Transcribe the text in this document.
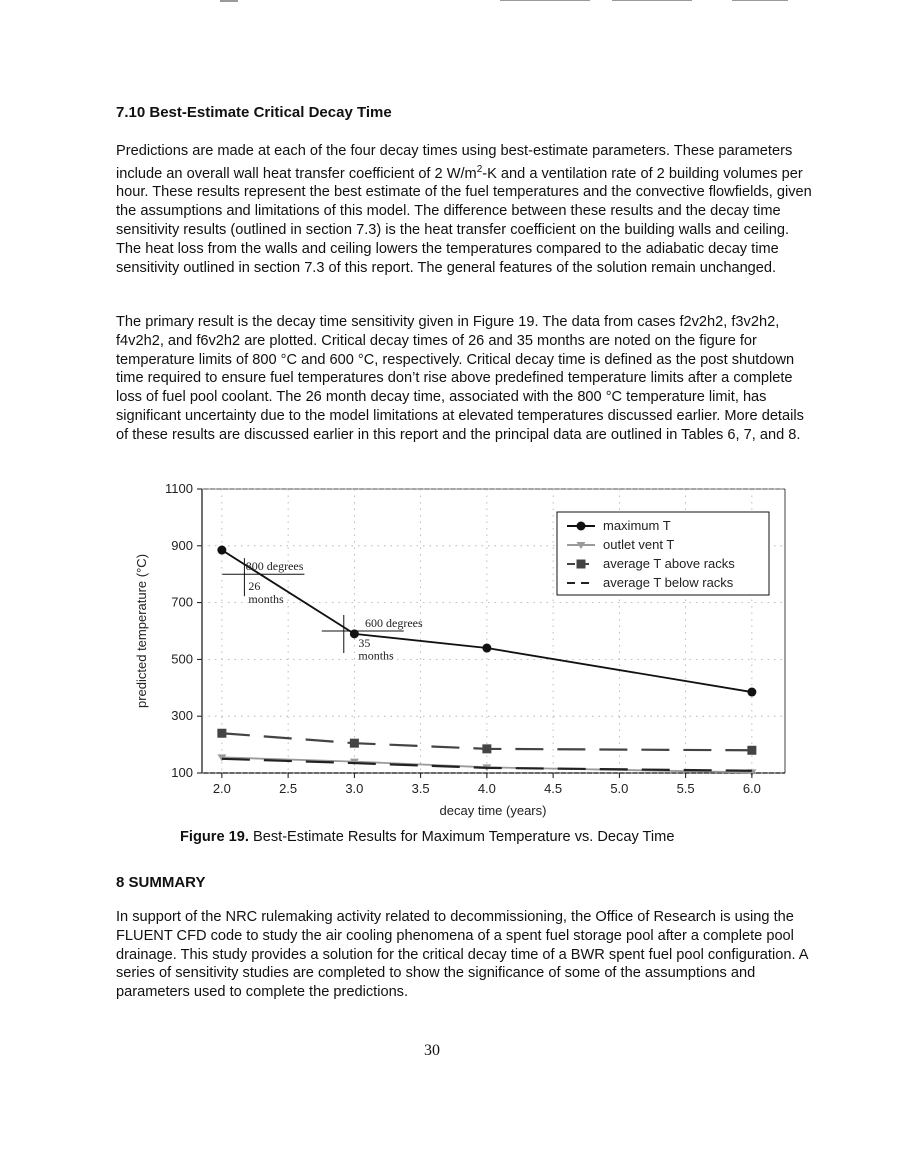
7.10 Best-Estimate Critical Decay Time

Predictions are made at each of the four decay times using best-estimate parameters. These parameters include an overall wall heat transfer coefficient of 2 $W/m^2-K$ and a ventilation rate of 2 building volumes per hour. These results represent the best estimate of the fuel temperatures and the convective flowfields, given the assumptions and limitations of this model. The difference between these results and the decay time sensitivity results (outlined in section 7.3) is the heat transfer coefficient on the building walls and ceiling. The heat loss from the walls and ceiling lowers the temperatures compared to the adiabatic decay time sensitivity outlined in section 7.3 of this report. The general features of the solution remain unchanged.

The primary result is the decay time sensitivity given in Figure 19. The data from cases f2v2h2, f3v2h2, f4v2h2, and f6v2h2 are plotted. Critical decay times of 26 and 35 months are noted on the figure for temperature limits of 800 °C and 600 °C, respectively. Critical decay time is defined as the post shutdown time required to ensure fuel temperatures don’t rise above predefined temperature limits after a complete loss of fuel pool coolant. The 26 month decay time, associated with the 800 °C temperature limit, has significant uncertainty due to the model limitations at elevated temperatures discussed earlier. More details of these results are discussed earlier in this report and the principal data are outlined in Tables 6, 7, and 8.

Figure 19. Best-Estimate Results for Maximum Temperature vs. Decay Time

8 SUMMARY

In support of the NRC rulemaking activity related to decommissioning, the Office of Research is using the FLUENT CFD code to study the air cooling phenomena of a spent fuel storage pool after a complete pool drainage. This study provides a solution for the critical decay time of a BWR spent fuel pool configuration. A series of sensitivity studies are completed to show the significance of some of the assumptions and parameters used to complete the predictions.

30
800 degrees
26
months
600 degrees
35
months
2.0	2.5	3.0	3.5	4.0	4.5	5.0	5.5	6.0
100
300
500
700
900
1100
decay time (years)
predicted temperature (°C)
maximum T
outlet vent T
average T above racks
average T below racks
